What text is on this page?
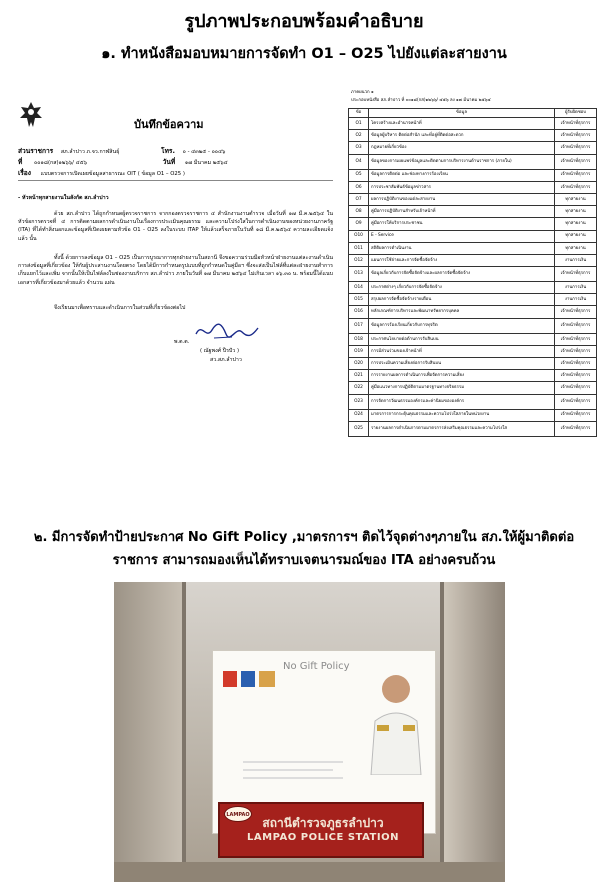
รูปภาพประกอบพร้อมคำอธิบาย
๑. ทำหนังสือมอบหมายการจัดทำ O1 – O25 ไปยังแต่ละสายงาน
บันทึกข้อความ
ส่วนราชการ สภ.ลำปาว ภ.จว.กาฬสินธุ์	โทร. ๐ - ๔๓๒๕ - ๐๐๔๖
ที่ ๐๐๑๘(กส)๑๒๖๖/ ๔๕๖	วันที่ ๑๗ มีนาคม ๒๕๖๔
เรื่อง แบบตรวจการเปิดเผยข้อมูลสาธารณะ OIT ( ข้อมูล O1 – O25 )
- หัวหน้าทุกสายงานในสังกัด สภ.ลำปาว
ด้วย สภ.ลำปาว ได้ถูกกำหนดผู้ตรวจราชการ จากกองตรวจราชการ ๔ สำนักงานงานตำรวจ เมื่อวันที่ ๑๗ มี.ค.๒๕๖๔ ในหัวข้อการตรวจที่ ๔ การติดตามผลการดำเนินงานในเรื่องการประเมินคุณธรรม และความโปร่งใสในการดำเนินงานของหน่วยงานภาครัฐ (ITA) ที่ได้ทำสิ่งนอกและข้อมูลที่เปิดเผยตามหัวข้อ O1 - O25 ลงในระบบ ITAP ให้แล้วเสร็จภายในวันที่ ๑๘ มี.ค.๒๕๖๔ ความละเอียดแจ้งแล้ว นั้น
ทั้งนี้ ด้วยการลงข้อมูล O1 – O25 เป็นการบูรณาการทุกฝ่ายงานในสถานี จึงขอความร่วมมือหัวหน้าฝ่ายงานแต่ละงานดำเนินการส่งข้อมูลที่เกี่ยวข้อง ให้กับผู้ประสานงานโดยตรง โดยได้มีการกำหนดรูปแบบที่ถูกกำหนดในคู่มือฯ ซึ่งจะส่งเป็นไฟล์ที่แต่ละฝ่ายงานทำการเก็บแยกไว้และเพิ่ม จากนั้นให้เป็นไฟล์ลงในช่องงานบริการ สภ.ลำปาว ภายในวันที่ ๑๗ มีนาคม ๒๕๖๔ ไม่เกินเวลา ๑๖.๓๐ น. พร้อมนี้ได้แนบเอกสารที่เกี่ยวข้องมาด้วยแล้ว จำนวน แผ่น
จึงเรียนมาเพื่อทราบและดำเนินการในส่วนที่เกี่ยวข้องต่อไป
พ.ต.ต.
( ณัฐพงศ์ ปีรปัว )
สว.สภ.ลำปาว
ภาคผนวก ๑
ประกอบหนังสือ สภ.ลำปาว ที่ ๐๐๑๘(กส)๑๒๖๖/ ๔๕๖ ลง ๑๗ มีนาคม ๒๕๖๔
ข้อ	ข้อมูล	ผู้รับผิดชอบ
O1	โครงสร้างและอำนาจหน้าที่	เจ้าหน้าที่ธุรการ
O2	ข้อมูลผู้บริหาร ติดต่อสำนัก และที่อยู่ที่ติดต่อสะดวก	เจ้าหน้าที่ธุรการ
O3	กฎหมายที่เกี่ยวข้อง	เจ้าหน้าที่ธุรการ
O4	ข้อมูลของการเผยแพร่ข้อมูลและติดตามการบริหารงานด้านราชการ (ภายใน)	เจ้าหน้าที่ธุรการ
O5	ข้อมูลการติดต่อ และช่องทางการร้องเรียน	เจ้าหน้าที่ธุรการ
O6	การประชาสัมพันธ์ข้อมูลข่าวสาร	เจ้าหน้าที่ธุรการ
O7	ผลการปฏิบัติงานของแต่ละสายงาน	ทุกสายงาน
O8	คู่มือการปฏิบัติงานสำหรับเจ้าหน้าที่	ทุกสายงาน
O9	คู่มือการให้บริการประชาชน	ทุกสายงาน
O10	E - Service	ทุกสายงาน
O11	สถิติผลการดำเนินงาน	ทุกสายงาน
O12	แผนการใช้จ่ายและการจัดซื้อจัดจ้าง	งานการเงิน
O13	ข้อมูลเกี่ยวกับการจัดซื้อจัดจ้างและผลการจัดซื้อจัดจ้าง	เจ้าหน้าที่ธุรการ
O14	ประกาศต่างๆ เกี่ยวกับการจัดซื้อจัดจ้าง	งานการเงิน
O15	สรุปผลการจัดซื้อจัดจ้างรายเดือน	งานการเงิน
O16	หลักเกณฑ์การบริหารและพัฒนาทรัพยากรบุคคล	เจ้าหน้าที่ธุรการ
O17	ข้อมูลการร้องเรียนเกี่ยวกับการทุจริต	เจ้าหน้าที่ธุรการ
O18	ประกาศนโยบายต่อต้านการรับสินบน	เจ้าหน้าที่ธุรการ
O19	การมีส่วนร่วมของเจ้าหน้าที่	เจ้าหน้าที่ธุรการ
O20	การประเมินความเสี่ยงต่อการรับสินบน	เจ้าหน้าที่ธุรการ
O21	การรายงานผลการดำเนินการเพื่อจัดการความเสี่ยง	เจ้าหน้าที่ธุรการ
O22	คู่มือแนวทางการปฏิบัติตามมาตรฐานทางจริยธรรม	เจ้าหน้าที่ธุรการ
O23	การจัดการวัฒนธรรมองค์กรและค่านิยมขององค์กร	เจ้าหน้าที่ธุรการ
O24	มาตรการการกระตุ้นคุณธรรมและความโปร่งใสภายในหน่วยงาน	เจ้าหน้าที่ธุรการ
O25	รายงานผลการดำเนินการตามมาตรการส่งเสริมคุณธรรมและความโปร่งใส	เจ้าหน้าที่ธุรการ
๒. มีการจัดทำป้ายประกาศ No Gift Policy ,มาตรการฯ ติดไว้จุดต่างๆภายใน สภ.ให้ผู้มาติดต่อ
ราชการ สามารถมองเห็นได้ทราบเจตนารมณ์ของ ITA อย่างครบถ้วน
No Gift Policy
LAMPAO
สถานีตำรวจภูธรลำปาว
LAMPAO POLICE STATION
